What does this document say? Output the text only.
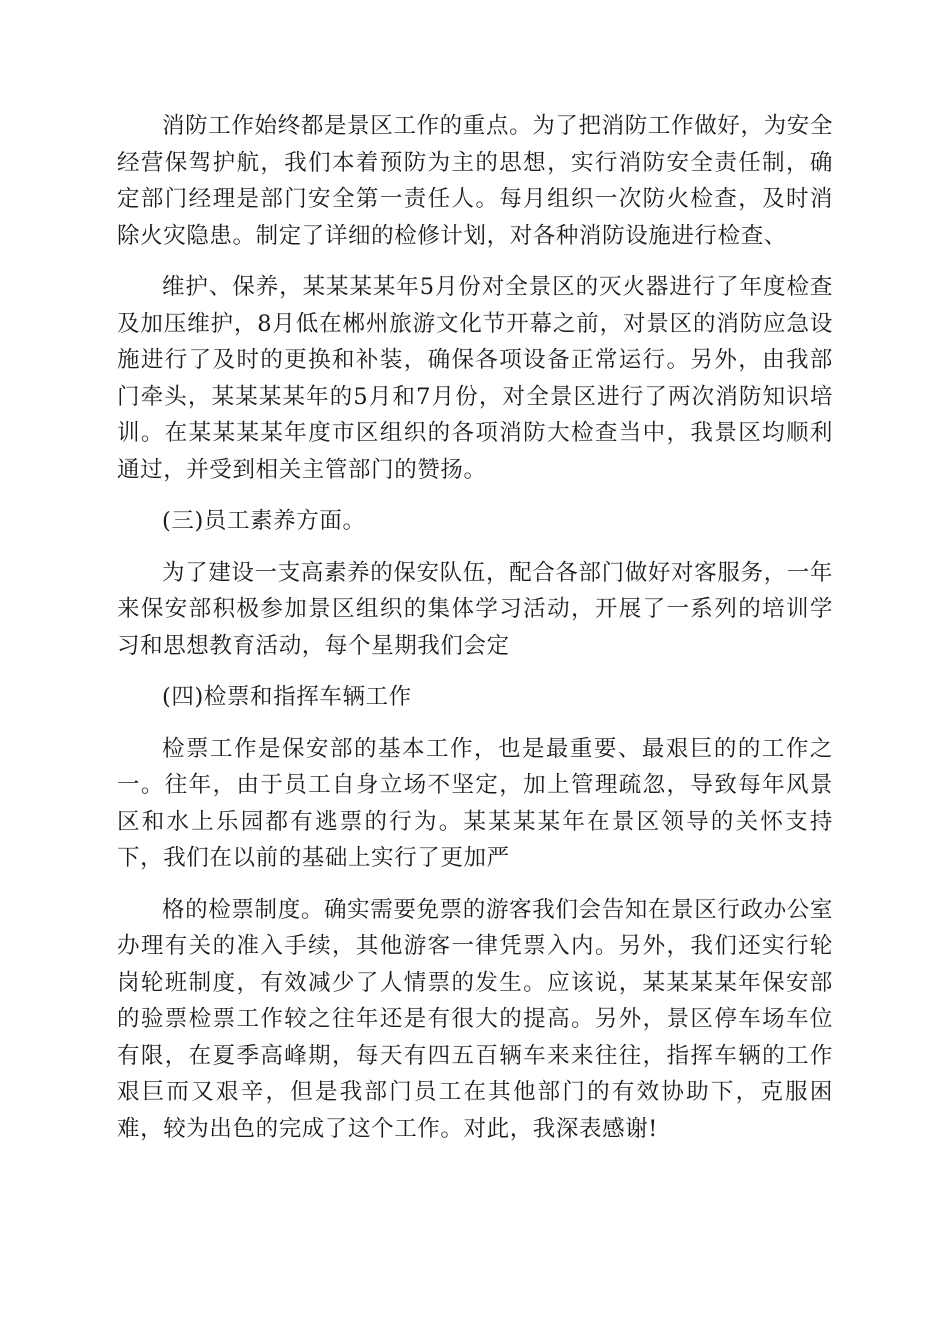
消防工作始终都是景区工作的重点。为了把消防工作做好，为安全经营保驾护航，我们本着预防为主的思想，实行消防安全责任制，确定部门经理是部门安全第一责任人。每月组织一次防火检查，及时消除火灾隐患。制定了详细的检修计划，对各种消防设施进行检查、

维护、保养，某某某某年5月份对全景区的灭火器进行了年度检查及加压维护，8月低在郴州旅游文化节开幕之前，对景区的消防应急设施进行了及时的更换和补装，确保各项设备正常运行。另外，由我部门牵头，某某某某年的5月和7月份，对全景区进行了两次消防知识培训。在某某某某年度市区组织的各项消防大检查当中，我景区均顺利通过，并受到相关主管部门的赞扬。

(三)员工素养方面。

为了建设一支高素养的保安队伍，配合各部门做好对客服务，一年来保安部积极参加景区组织的集体学习活动，开展了一系列的培训学习和思想教育活动，每个星期我们会定

(四)检票和指挥车辆工作

检票工作是保安部的基本工作，也是最重要、最艰巨的的工作之一。往年，由于员工自身立场不坚定，加上管理疏忽，导致每年风景区和水上乐园都有逃票的行为。某某某某年在景区领导的关怀支持下，我们在以前的基础上实行了更加严

格的检票制度。确实需要免票的游客我们会告知在景区行政办公室办理有关的准入手续，其他游客一律凭票入内。另外，我们还实行轮岗轮班制度，有效减少了人情票的发生。应该说，某某某某年保安部的验票检票工作较之往年还是有很大的提高。另外，景区停车场车位有限，在夏季高峰期，每天有四五百辆车来来往往，指挥车辆的工作艰巨而又艰辛，但是我部门员工在其他部门的有效协助下，克服困难，较为出色的完成了这个工作。对此，我深表感谢!
